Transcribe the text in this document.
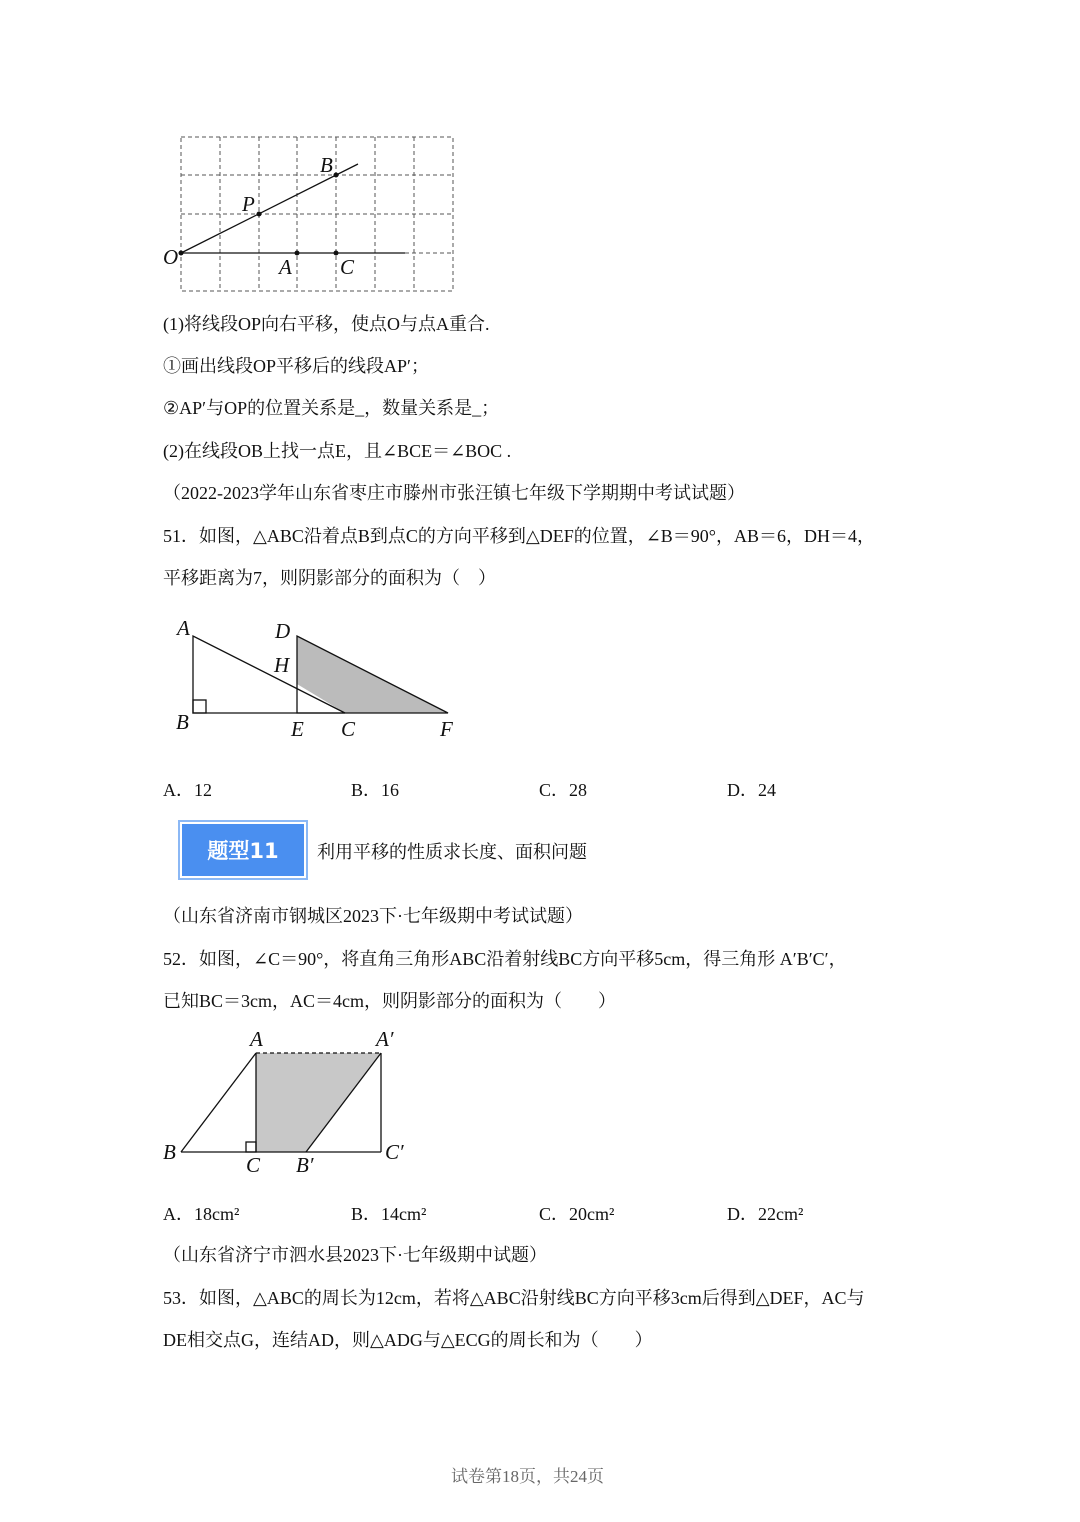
O
P
B
A C
A	D
H
B	E C	F
A	A′
B
C B′
C′
(1)将线段OP向右平移，使点O与点A重合.
①画出线段OP平移后的线段AP′；
②AP′与OP的位置关系是_，数量关系是_；
(2)在线段OB上找一点E，且∠BCE＝∠BOC .
（2022-2023学年山东省枣庄市滕州市张汪镇七年级下学期期中考试试题）
51．如图，△ABC沿着点B到点C的方向平移到△DEF的位置，∠B＝90°，AB＝6，DH＝4，
平移距离为7，则阴影部分的面积为（　）
A．12	B．16	C．28	D．24
题型11	利用平移的性质求长度、面积问题
（山东省济南市钢城区2023下·七年级期中考试试题）
52．如图，∠C＝90°，将直角三角形ABC沿着射线BC方向平移5cm，得三角形 A′B′C′，
已知BC＝3cm，AC＝4cm，则阴影部分的面积为（　　）
A．18cm²	B．14cm²	C．20cm²	D．22cm²
（山东省济宁市泗水县2023下·七年级期中试题）
53．如图，△ABC的周长为12cm，若将△ABC沿射线BC方向平移3cm后得到△DEF，AC与
DE相交点G，连结AD，则△ADG与△ECG的周长和为（　　）
试卷第18页，共24页
